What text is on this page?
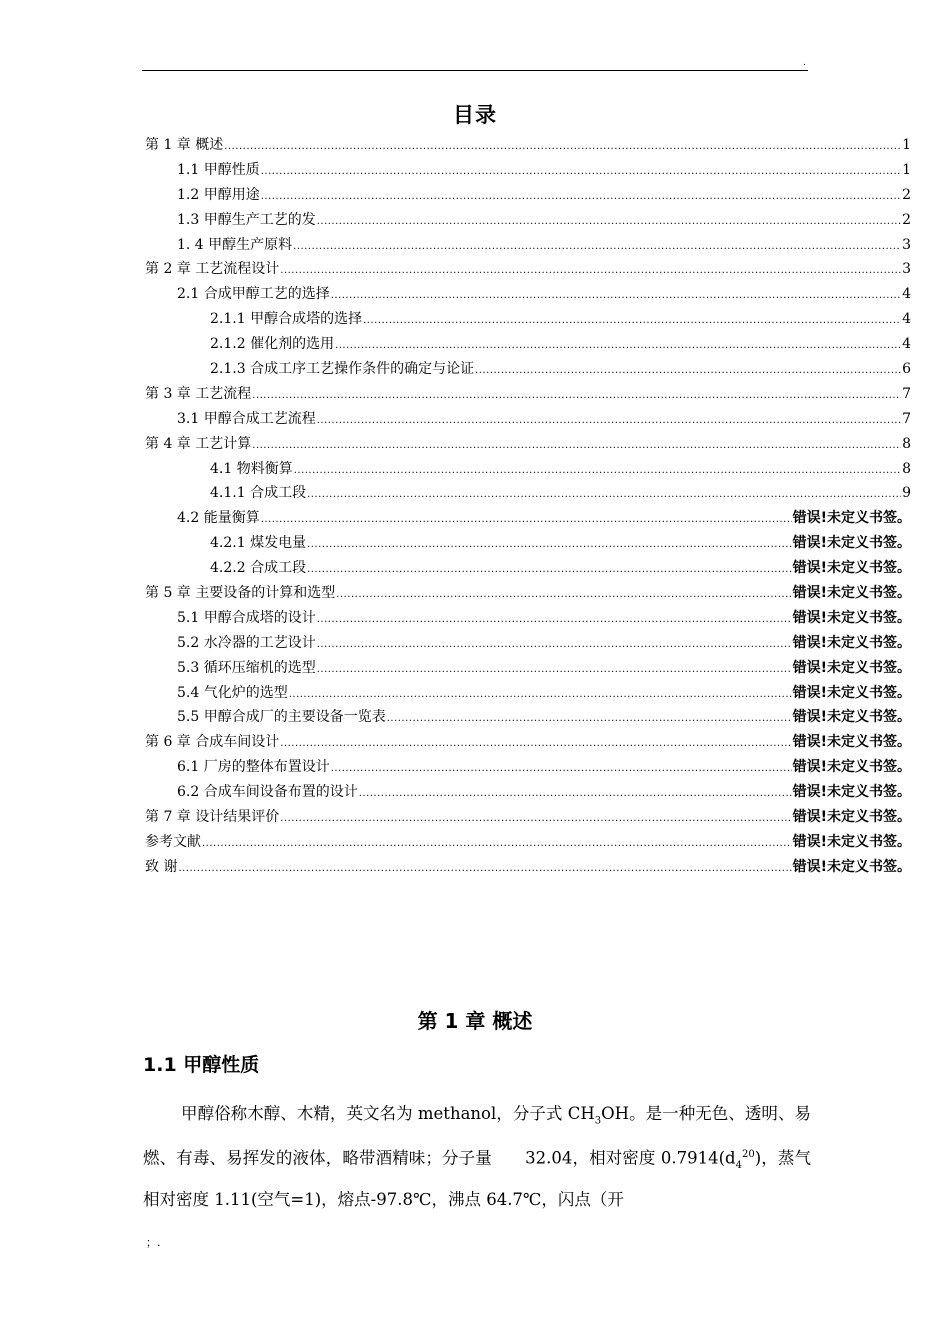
.
目录
第 1 章 概述 .....	1
1.1 甲醇性质 .....	1
1.2 甲醇用途 .....	2
1.3 甲醇生产工艺的发 .....	2
1. 4 甲醇生产原料 .....	3
第 2 章 工艺流程设计 .....	3
2.1 合成甲醇工艺的选择 .....	4
2.1.1 甲醇合成塔的选择 .....	4
2.1.2 催化剂的选用 .....	4
2.1.3 合成工序工艺操作条件的确定与论证 .....	6
第 3 章 工艺流程 .....	7
3.1 甲醇合成工艺流程 .....	7
第 4 章 工艺计算 .....	8
4.1 物料衡算 .....	8
4.1.1 合成工段 .....	9
4.2 能量衡算 .....	错误!未定义书签。
4.2.1 煤发电量 .....	错误!未定义书签。
4.2.2 合成工段 .....	错误!未定义书签。
第 5 章 主要设备的计算和选型 .....	错误!未定义书签。
5.1 甲醇合成塔的设计 .....	错误!未定义书签。
5.2 水冷器的工艺设计 .....	错误!未定义书签。
5.3 循环压缩机的选型 .....	错误!未定义书签。
5.4 气化炉的选型 .....	错误!未定义书签。
5.5 甲醇合成厂的主要设备一览表 .....	错误!未定义书签。
第 6 章 合成车间设计 .....	错误!未定义书签。
6.1 厂房的整体布置设计 .....	错误!未定义书签。
6.2 合成车间设备布置的设计 .....	错误!未定义书签。
第 7 章 设计结果评价 .....	错误!未定义书签。
参考文献 .....	错误!未定义书签。
致 谢 .....	错误!未定义书签。
第 1 章 概述
1.1 甲醇性质
甲醇俗称木醇、木精，英文名为 methanol，分子式 $CH_3OH$。是一种无色、透明、易燃、有毒、易挥发的液体，略带酒精味；分子量　　32.04，相对密度 $0.7914(d_4^{20})$，蒸气相对密度 1.11(空气=1)，熔点-97.8℃，沸点 64.7℃，闪点（开
；.
